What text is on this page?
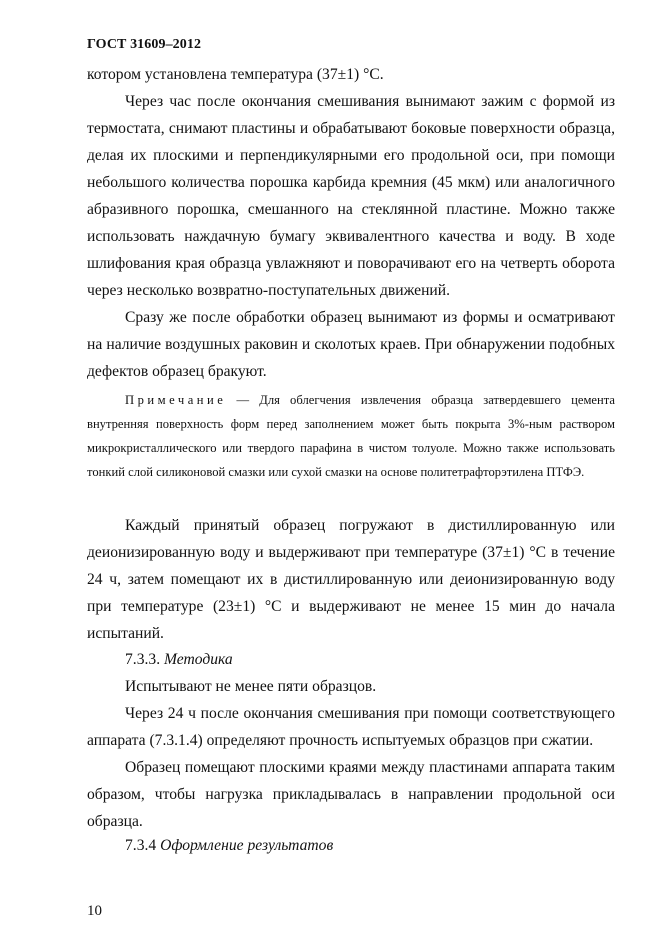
ГОСТ 31609–2012

котором установлена температура (37±1) °С.

Через час после окончания смешивания вынимают зажим с формой из термостата, снимают пластины и обрабатывают боковые поверхности образца, делая их плоскими и перпендикулярными его продольной оси, при помощи небольшого количества порошка карбида кремния (45 мкм) или аналогичного абразивного порошка, смешанного на стеклянной пластине. Можно также использовать наждачную бумагу эквивалентного качества и воду. В ходе шлифования края образца увлажняют и поворачивают его на четверть оборота через несколько возвратно-поступательных движений.

Сразу же после обработки образец вынимают из формы и осматривают на наличие воздушных раковин и сколотых краев. При обнаружении подобных дефектов образец бракуют.

Примечание — Для облегчения извлечения образца затвердевшего цемента внутренняя поверхность форм перед заполнением может быть покрыта 3%-ным раствором микрокристаллического или твердого парафина в чистом толуоле. Можно также использовать тонкий слой силиконовой смазки или сухой смазки на основе политетрафторэтилена ПТФЭ.

Каждый принятый образец погружают в дистиллированную или деионизированную воду и выдерживают при температуре (37±1) °С в течение 24 ч, затем помещают их в дистиллированную или деионизированную воду при температуре (23±1) °С и выдерживают не менее 15 мин до начала испытаний.

7.3.3. Методика

Испытывают не менее пяти образцов.

Через 24 ч после окончания смешивания при помощи соответствующего аппарата (7.3.1.4) определяют прочность испытуемых образцов при сжатии.

Образец помещают плоскими краями между пластинами аппарата таким образом, чтобы нагрузка прикладывалась в направлении продольной оси образца.

7.3.4 Оформление результатов
10
